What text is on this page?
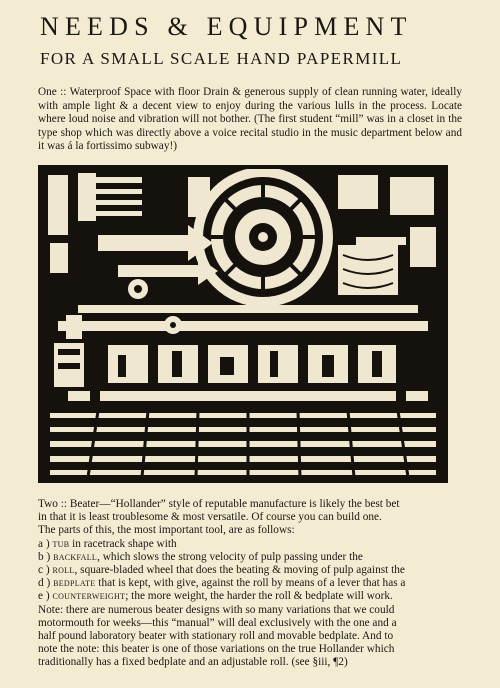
NEEDS & EQUIPMENT
FOR A SMALL SCALE HAND PAPERMILL

One :: Waterproof Space with floor Drain & generous supply of clean running water, ideally with ample light & a decent view to enjoy during the various lulls in the process. Locate where loud noise and vibration will not bother. (The first student “mill” was in a closet in the type shop which was directly above a voice recital studio in the music department below and it was á la fortissimo subway!)

Two :: Beater—“Hollander” style of reputable manufacture is likely the best bet
in that it is least troublesome & most versatile. Of course you can build one.
The parts of this, the most important tool, are as follows:
a ) tub in racetrack shape with
b ) backfall, which slows the strong velocity of pulp passing under the
c ) roll, square-bladed wheel that does the beating & moving of pulp against the
d ) bedplate that is kept, with give, against the roll by means of a lever that has a
e ) counterweight; the more weight, the harder the roll & bedplate will work.
Note: there are numerous beater designs with so many variations that we could
motormouth for weeks—this “manual” will deal exclusively with the one and a
half pound laboratory beater with stationary roll and movable bedplate. And to
note the note: this beater is one of those variations on the true Hollander which
traditionally has a fixed bedplate and an adjustable roll. (see §iii, ¶2)
